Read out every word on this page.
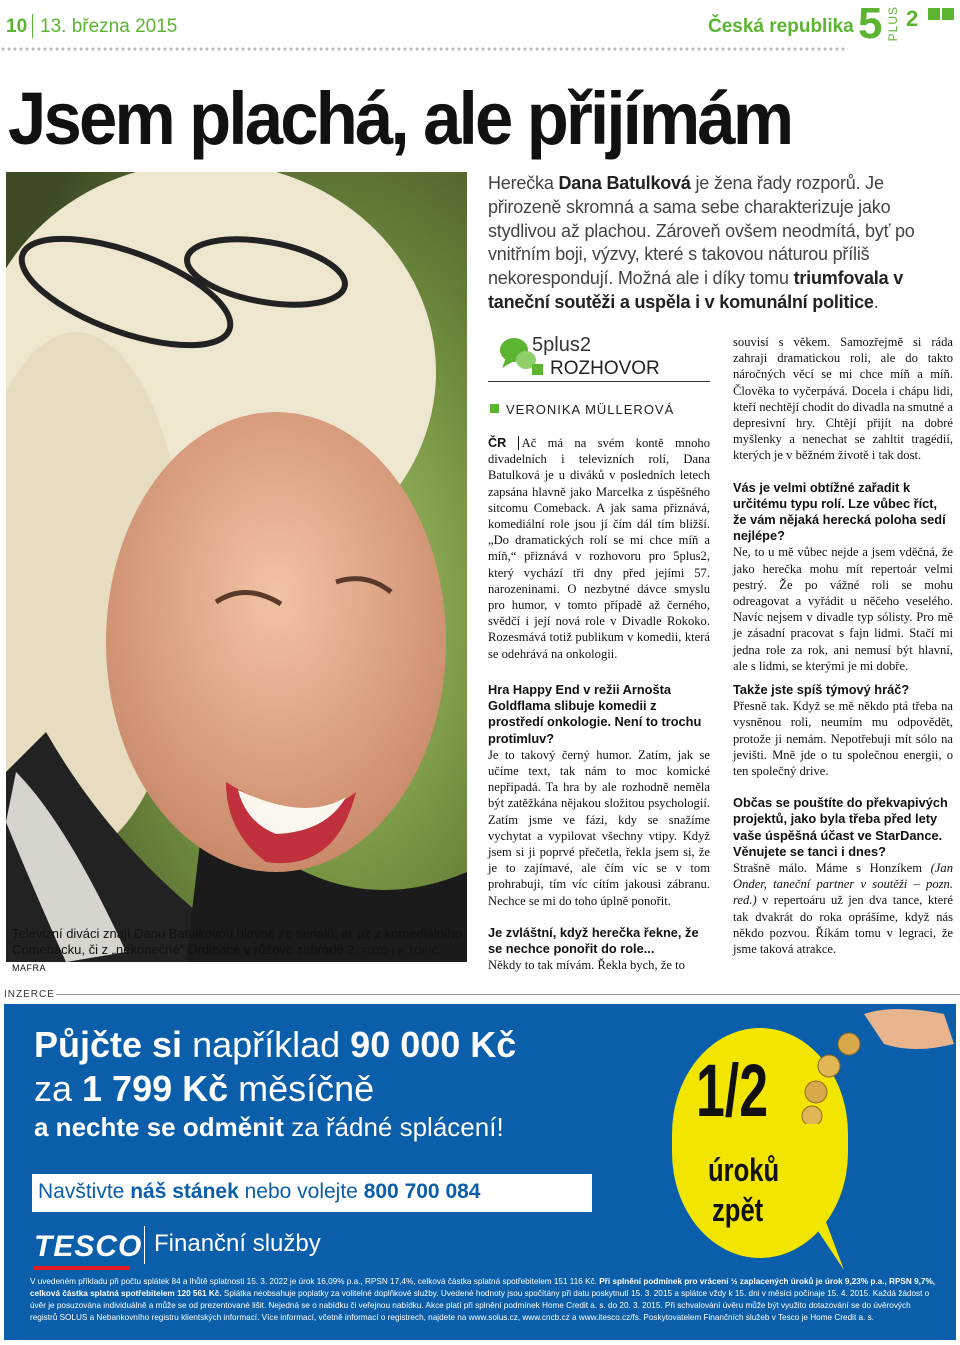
10 13. března 2015	Česká republika 5 PLUS 2
Jsem plachá, ale přijímám
Televizní diváci znají Danu Batulkovou hlavně ze seriálů, ať už z komediálního Comebacku, či z „nekonečné“ Ordinace v růžové zahradě 2. FOTO | P. TOPIČ, MAFRA
Herečka Dana Batulková je žena řady rozporů. Je přirozeně skromná a sama sebe charakterizuje jako stydlivou až plachou. Zároveň ovšem neodmítá, byť po vnitřním boji, výzvy, které s takovou náturou příliš nekorespondují. Možná ale i díky tomu triumfovala v taneční soutěži a uspěla i v komunální politice.
5plus2
ROZHOVOR
VERONIKA MÜLLEROVÁ

ČR Ač má na svém kontě mnoho divadelních i televizních rolí, Dana Batulková je u diváků v posledních letech zapsána hlavně jako Marcelka z úspěšného sitcomu Comeback. A jak sama přiznává, komediální role jsou jí čím dál tím bližší. „Do dramatických rolí se mi chce míň a míň,“ přiznává v rozhovoru pro 5plus2, který vychází tři dny před jejími 57. narozeninami. O nezbytné dávce smyslu pro humor, v tomto případě až černého, svědčí i její nová role v Divadle Rokoko. Rozesmává totiž publikum v komedii, která se odehrává na onkologii.

Hra Happy End v režii Arnošta Goldflama slibuje komedii z prostředí onkologie. Není to trochu protimluv?

Je to takový černý humor. Zatím, jak se učíme text, tak nám to moc komické nepřipadá. Ta hra by ale rozhodně neměla být zatěžkána nějakou složitou psychologií. Zatím jsme ve fázi, kdy se snažíme vychytat a vypilovat všechny vtipy. Když jsem si ji poprvé přečetla, řekla jsem si, že je to zajímavé, ale čím víc se v tom prohrabuji, tím víc cítím jakousi zábranu. Nechce se mi do toho úplně ponořit.

Je zvláštní, když herečka řekne, že se nechce ponořit do role...

Někdy to tak mívám. Řekla bych, že to

souvisí s věkem. Samozřejmě si ráda zahraji dramatickou roli, ale do takto náročných věcí se mi chce míň a míň. Člověka to vyčerpává. Docela i chápu lidi, kteří nechtějí chodit do divadla na smutné a depresivní hry. Chtějí přijít na dobré myšlenky a nenechat se zahltit tragédií, kterých je v běžném životě i tak dost.

Vás je velmi obtížné zařadit k určitému typu rolí. Lze vůbec říct, že vám nějaká herecká poloha sedí nejlépe?

Ne, to u mě vůbec nejde a jsem vděčná, že jako herečka mohu mít repertoár velmi pestrý. Že po vážné roli se mohu odreagovat a vyřádit u něčeho veselého. Navíc nejsem v divadle typ sólisty. Pro mě je zásadní pracovat s fajn lidmi. Stačí mi jedna role za rok, ani nemusí být hlavní, ale s lidmi, se kterými je mi dobře.

Takže jste spíš týmový hráč?

Přesně tak. Když se mě někdo ptá třeba na vysněnou roli, neumím mu odpovědět, protože ji nemám. Nepotřebuji mít sólo na jevišti. Mně jde o tu společnou energii, o ten společný drive.

Občas se pouštíte do překvapivých projektů, jako byla třeba před lety vaše úspěšná účast ve StarDance. Věnujete se tanci i dnes?

Strašně málo. Máme s Honzíkem (Jan Onder, taneční partner v soutěži – pozn. red.) v repertoáru už jen dva tance, které tak dvakrát do roka oprášíme, když nás někdo pozvou. Říkám tomu v legraci, že jsme taková atrakce.

INZERCE
Půjčte si například 90 000 Kč
za 1 799 Kč měsíčně
a nechte se odměnit za řádné splácení!
Navštivte náš stánek nebo volejte 800 700 084
TESCO Finanční služby
1/2
úroků
zpět
V uvedeném příkladu při počtu splátek 84 a lhůtě splatnosti 15. 3. 2022 je úrok 16,09% p.a., RPSN 17,4%, celková částka splatná spotřebitelem 151 116 Kč. Při splnění podmínek pro vrácení ½ zaplacených úroků je úrok 9,23% p.a., RPSN 9,7%, celková částka splatná spotřebitelem 120 561 Kč. Splátka neobsahuje poplatky za volitelné doplňkové služby. Uvedené hodnoty jsou spočítány při datu poskytnutí 15. 3. 2015 a splátce vždy k 15. dni v měsíci počínaje 15. 4. 2015. Každá žádost o úvěr je posuzována individuálně a může se od prezentované lišit. Nejedná se o nabídku či veřejnou nabídku. Akce platí při splnění podmínek Home Credit a. s. do 20. 3. 2015. Při schvalování úvěru může být využito dotazování se do úvěrových registrů SOLUS a Nebankovního registru klientských informací. Více informací, včetně informací o registrech, najdete na www.solus.cz, www.cncb.cz a www.itesco.cz/fs. Poskytovatelem Finančních služeb v Tesco je Home Credit a. s.
